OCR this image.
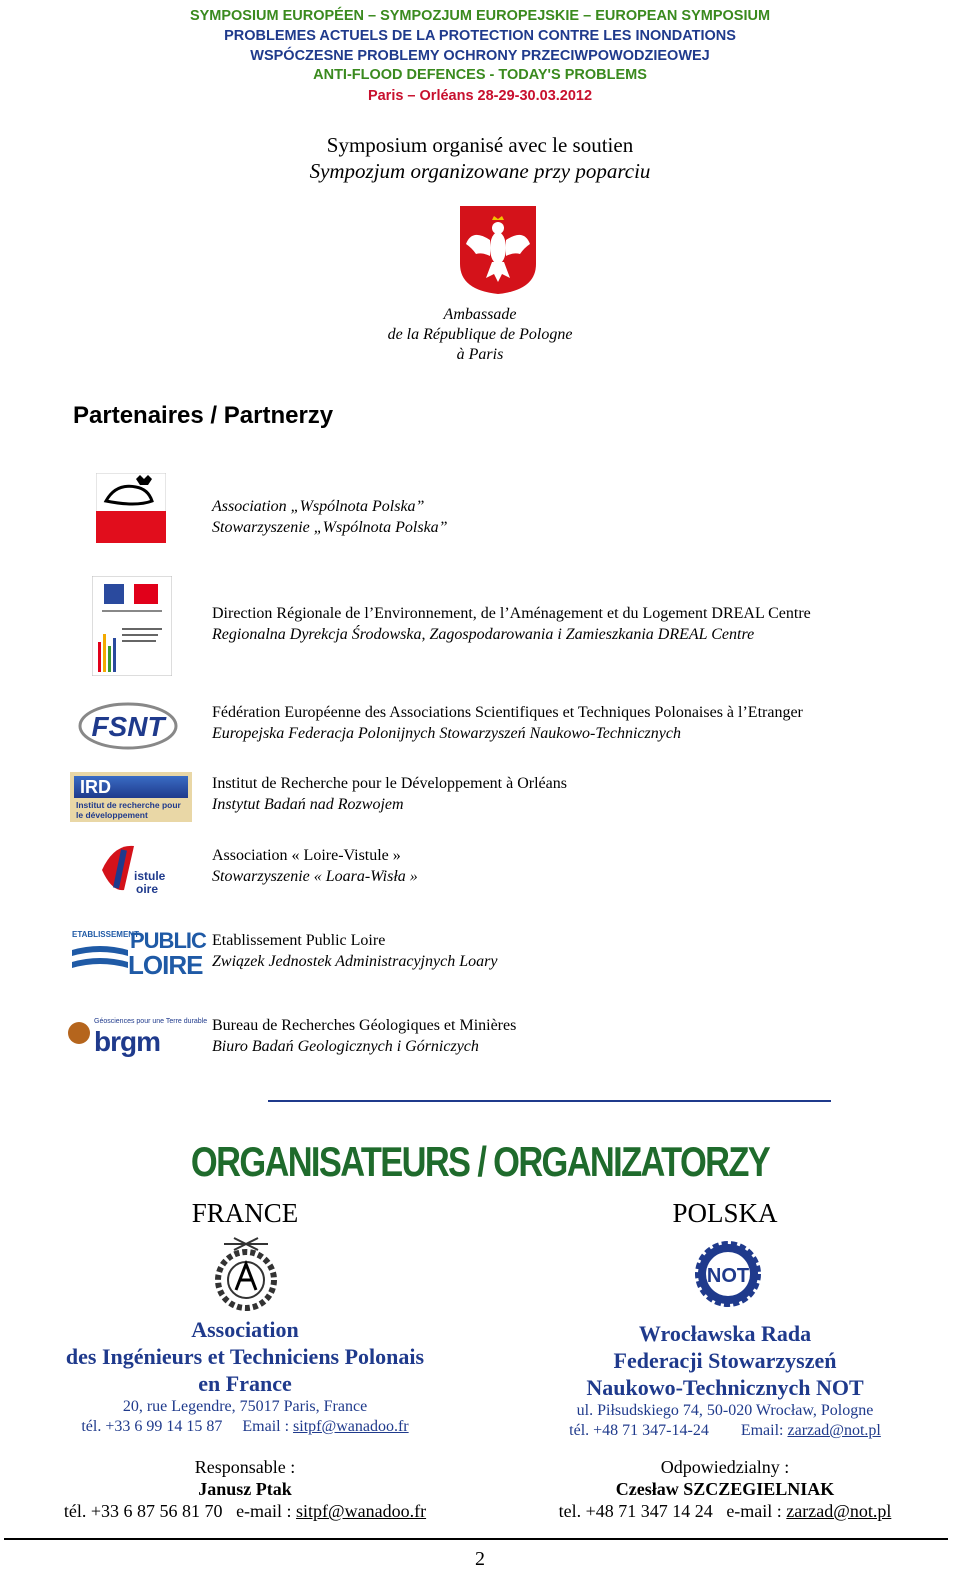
SYMPOSIUM EUROPÉEN – SYMPOZJUM EUROPEJSKIE – EUROPEAN SYMPOSIUM
PROBLEMES ACTUELS DE LA PROTECTION CONTRE LES INONDATIONS
WSPÓCZESNE PROBLEMY OCHRONY PRZECIWPOWODZIEOWEJ
ANTI-FLOOD DEFENCES - TODAY'S PROBLEMS
Paris – Orléans 28-29-30.03.2012
Symposium organisé avec le soutien
Sympozjum organizowane przy poparciu
Ambassade
de la République de Pologne
à Paris
Partenaires / Partnerzy
Association „Wspólnota Polska”
Stowarzyszenie „Wspólnota Polska”
Direction Régionale de l’Environnement, de l’Aménagement et du Logement DREAL Centre
Regionalna Dyrekcja Środowska, Zagospodarowania i Zamieszkania DREAL Centre
FSNT	Fédération Européenne des Associations Scientifiques et Techniques Polonaises à l’Etranger
Europejska Federacja Polonijnych Stowarzyszeń Naukowo-Technicznych
IRD
Institut de recherche pour le développement
Institut de Recherche pour le Développement à Orléans
Instytut Badań nad Rozwojem
istule
oire
Association « Loire-Vistule »
Stowarzyszenie « Loara-Wisła »
ETABLISSEMENT
PUBLIC
LOIRE
Etablissement Public Loire
Związek Jednostek Administracyjnych Loary
Géosciences pour une Terre durable
brgm
Bureau de Recherches Géologiques et Minières
Biuro Badań Geologicznych i Górniczych
ORGANISATEURS / ORGANIZATORZY
FRANCE
Association
des Ingénieurs et Techniciens Polonais
en France
20, rue Legendre, 75017 Paris, France
tél. +33 6 99 14 15 87 Email : sitpf@wanadoo.fr
Responsable :
Janusz Ptak
tél. +33 6 87 56 81 70 e-mail : sitpf@wanadoo.fr
POLSKA
NOT
Wrocławska Rada
Federacji Stowarzyszeń
Naukowo-Technicznych NOT
ul. Piłsudskiego 74, 50-020 Wrocław, Pologne
tél. +48 71 347-14-24 Email: zarzad@not.pl
Odpowiedzialny :
Czesław SZCZEGIELNIAK
tel. +48 71 347 14 24 e-mail : zarzad@not.pl
2
